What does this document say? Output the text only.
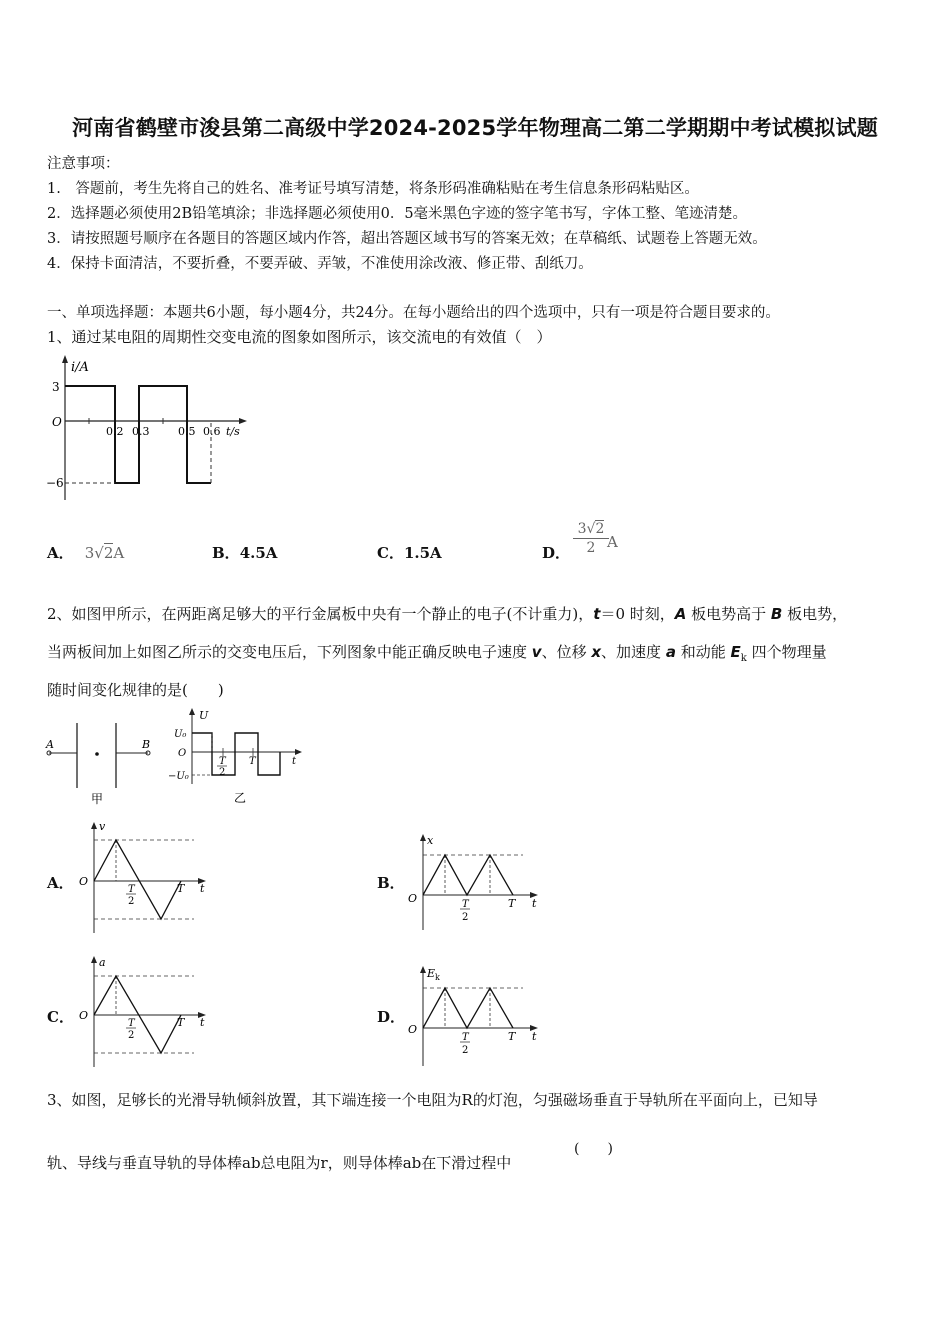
河南省鹤壁市浚县第二高级中学2024-2025学年物理高二第二学期期中考试模拟试题
注意事项：
1.　答题前，考生先将自己的姓名、准考证号填写清楚，将条形码准确粘贴在考生信息条形码粘贴区。
2．选择题必须使用2B铅笔填涂；非选择题必须使用0．5毫米黑色字迹的签字笔书写，字体工整、笔迹清楚。
3．请按照题号顺序在各题目的答题区域内作答，超出答题区域书写的答案无效；在草稿纸、试题卷上答题无效。
4．保持卡面清洁，不要折叠，不要弄破、弄皱，不准使用涂改液、修正带、刮纸刀。
一、单项选择题：本题共6小题，每小题4分，共24分。在每小题给出的四个选项中，只有一项是符合题目要求的。
1、通过某电阻的周期性交变电流的图象如图所示，该交流电的有效值（　）
i/A
3
−6
O
0.2 0.3	0.5 0.6 t/s
A． 3√2A	B．4.5A	C．1.5A	D．
3√2
2 A
2、如图甲所示，在两距离足够大的平行金属板中央有一个静止的电子(不计重力)，t＝0 时刻，A 板电势高于 B 板电势，
当两板间加上如图乙所示的交变电压后，下列图象中能正确反映电子速度 v、位移 x、加速度 a 和动能 $E_k$ 四个物理量
随时间变化规律的是(　　)
A	B
甲
U
U₀
O
−U₀
T
2
T	t
乙
A．	B．
C．	D．
v
O
T
2
T t
x
O	T
2
T t
a
O
T
2
T t
E k
O
T
2
T t
3、如图，足够长的光滑导轨倾斜放置，其下端连接一个电阻为R的灯泡，匀强磁场垂直于导轨所在平面向上，已知导
轨、导线与垂直导轨的导体棒ab总电阻为r，则导体棒ab在下滑过程中
(　　)
